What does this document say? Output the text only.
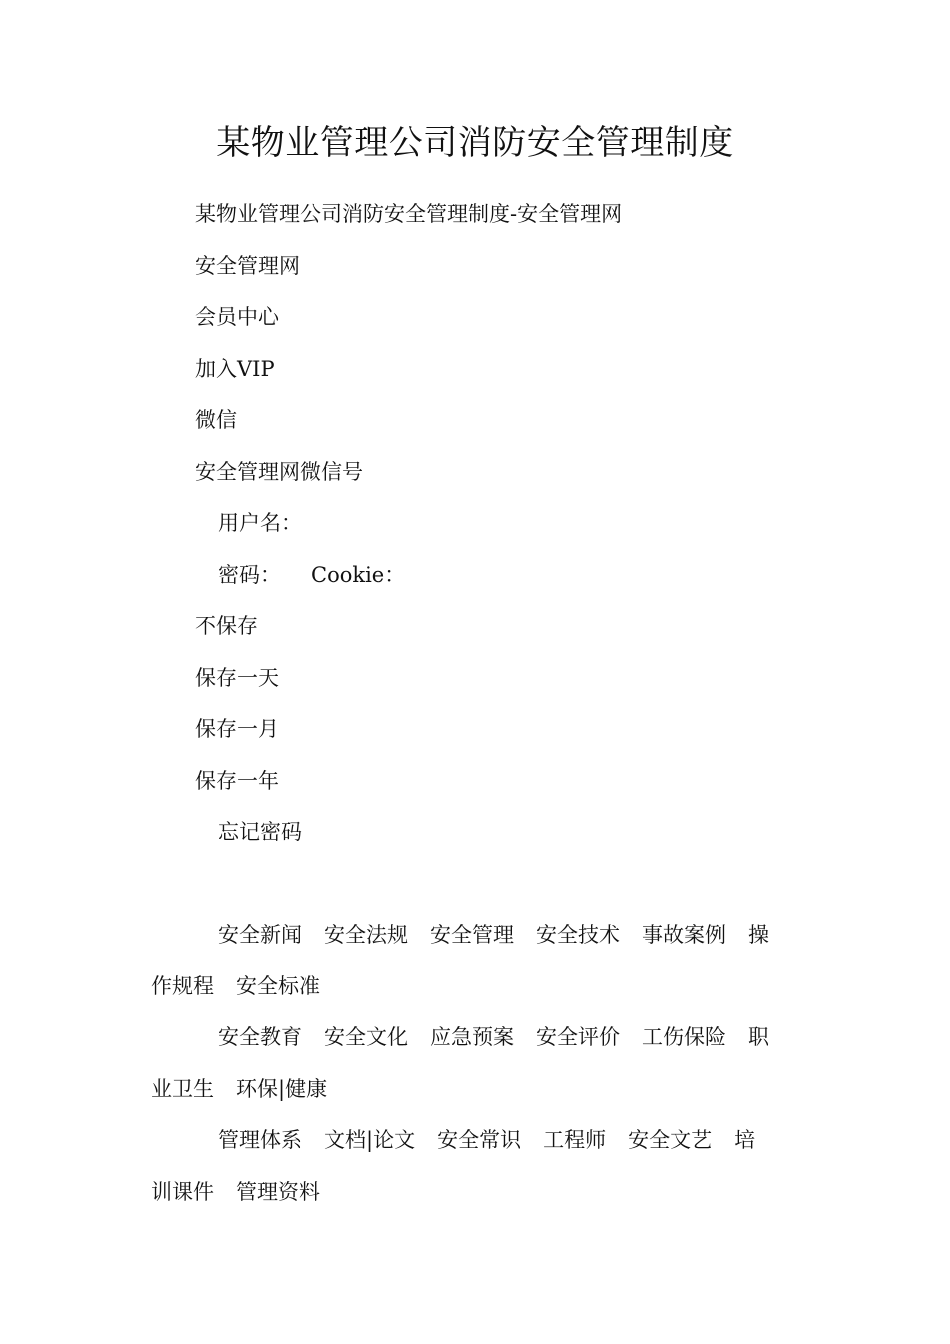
某物业管理公司消防安全管理制度
某物业管理公司消防安全管理制度-安全管理网
安全管理网
会员中心
加入VIP
微信
安全管理网微信号
用户名：
密码： Cookie：
不保存
保存一天
保存一月
保存一年
忘记密码
安全新闻 安全法规 安全管理 安全技术 事故案例 操
作规程 安全标准
安全教育 安全文化 应急预案 安全评价 工伤保险 职
业卫生 环保|健康
管理体系 文档|论文 安全常识 工程师 安全文艺 培
训课件 管理资料
